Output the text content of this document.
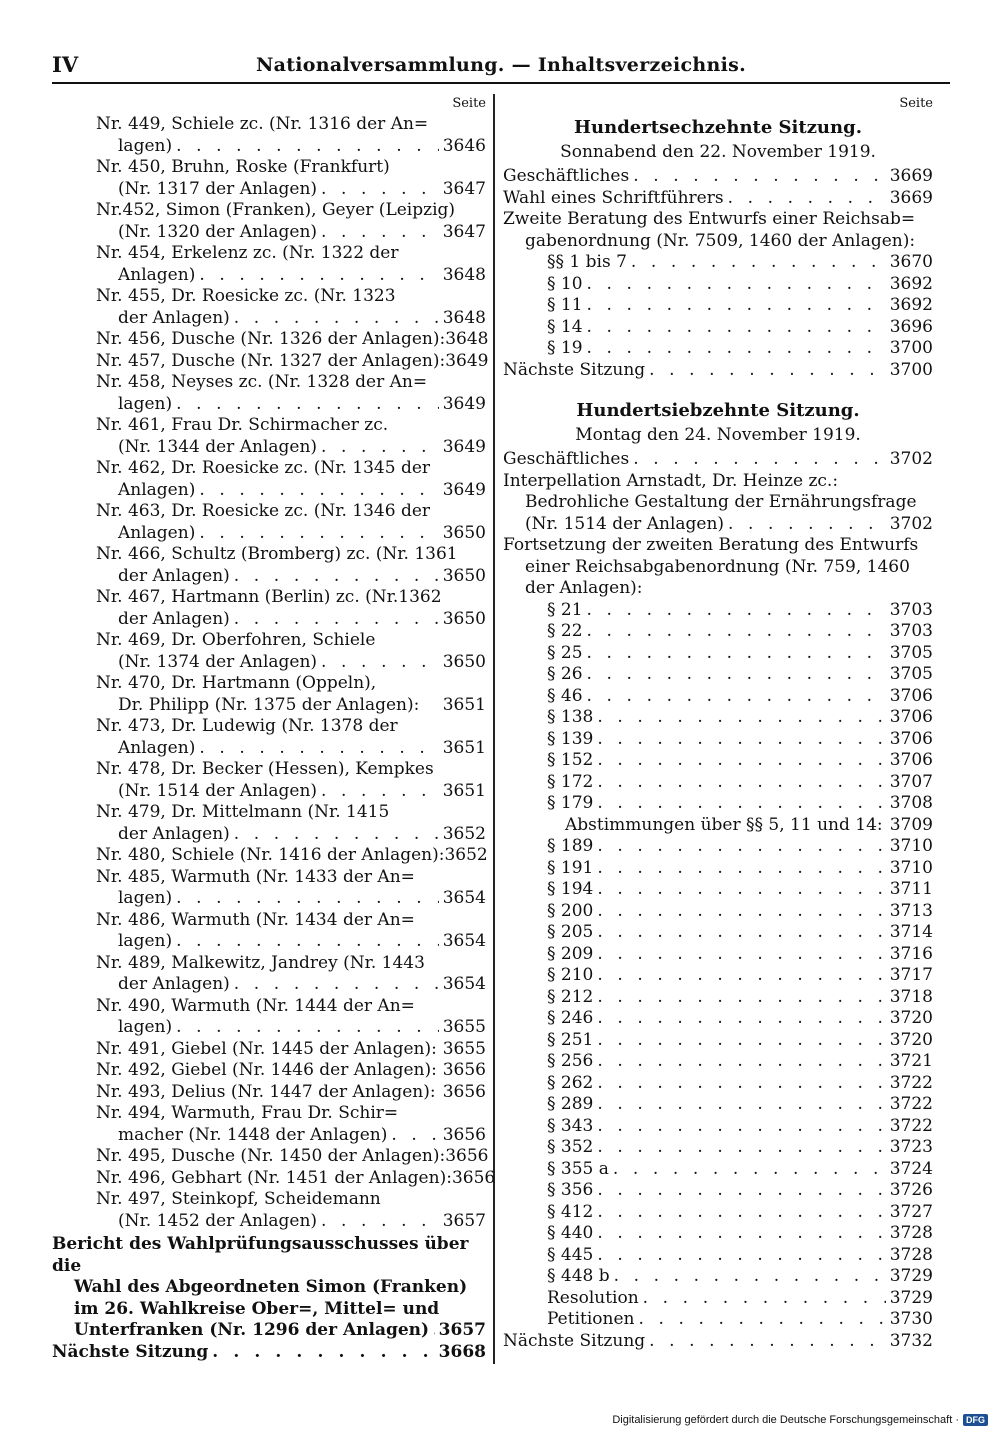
IV	Nationalversammlung. — Inhaltsverzeichnis.
Seite
Nr. 449, Schiele zc. (Nr. 1316 der An=
lagen) . . .	3646
Nr. 450, Bruhn, Roske (Frankfurt)
(Nr. 1317 der Anlagen) . . .	3647
Nr.452, Simon (Franken), Geyer (Leipzig)
(Nr. 1320 der Anlagen) . . .	3647
Nr. 454, Erkelenz zc. (Nr. 1322 der
Anlagen) . . .	3648
Nr. 455, Dr. Roesicke zc. (Nr. 1323
der Anlagen) . . .	3648
Nr. 456, Dusche (Nr. 1326 der Anlagen): 3648
Nr. 457, Dusche (Nr. 1327 der Anlagen): 3649
Nr. 458, Neyses zc. (Nr. 1328 der An=
lagen) . . .	3649
Nr. 461, Frau Dr. Schirmacher zc.
(Nr. 1344 der Anlagen) . . .	3649
Nr. 462, Dr. Roesicke zc. (Nr. 1345 der
Anlagen) . . .	3649
Nr. 463, Dr. Roesicke zc. (Nr. 1346 der
Anlagen) . . .	3650
Nr. 466, Schultz (Bromberg) zc. (Nr. 1361
der Anlagen) . . .	3650
Nr. 467, Hartmann (Berlin) zc. (Nr.1362
der Anlagen) . . .	3650
Nr. 469, Dr. Oberfohren, Schiele
(Nr. 1374 der Anlagen) . . .	3650
Nr. 470, Dr. Hartmann (Oppeln),
Dr. Philipp (Nr. 1375 der Anlagen): 3651
Nr. 473, Dr. Ludewig (Nr. 1378 der
Anlagen) . . .	3651
Nr. 478, Dr. Becker (Hessen), Kempkes
(Nr. 1514 der Anlagen) . . .	3651
Nr. 479, Dr. Mittelmann (Nr. 1415
der Anlagen) . . .	3652
Nr. 480, Schiele (Nr. 1416 der Anlagen): 3652
Nr. 485, Warmuth (Nr. 1433 der An=
lagen) . . .	3654
Nr. 486, Warmuth (Nr. 1434 der An=
lagen) . . .	3654
Nr. 489, Malkewitz, Jandrey (Nr. 1443
der Anlagen) . . .	3654
Nr. 490, Warmuth (Nr. 1444 der An=
lagen) . . .	3655
Nr. 491, Giebel (Nr. 1445 der Anlagen): 3655
Nr. 492, Giebel (Nr. 1446 der Anlagen): 3656
Nr. 493, Delius (Nr. 1447 der Anlagen): 3656
Nr. 494, Warmuth, Frau Dr. Schir=
macher (Nr. 1448 der Anlagen) . . .	3656
Nr. 495, Dusche (Nr. 1450 der Anlagen): 3656
Nr. 496, Gebhart (Nr. 1451 der Anlagen): 3656
Nr. 497, Steinkopf, Scheidemann
(Nr. 1452 der Anlagen) . . .	3657
Bericht des Wahlprüfungsausschusses über die
Wahl des Abgeordneten Simon (Franken)
im 26. Wahlkreise Ober=, Mittel= und
Unterfranken (Nr. 1296 der Anlagen) . . . 3657
Nächste Sitzung . . .	3668
Seite
Hundertsechzehnte Sitzung.
Sonnabend den 22. November 1919.
Geschäftliches . . .	3669
Wahl eines Schriftführers . . .	3669
Zweite Beratung des Entwurfs einer Reichsab=
gabenordnung (Nr. 7509, 1460 der Anlagen):
§§ 1 bis 7 . . .	3670
§ 10 . . .	3692
§ 11 . . .	3692
§ 14 . . .	3696
§ 19 . . .	3700
Nächste Sitzung . . .	3700
Hundertsiebzehnte Sitzung.
Montag den 24. November 1919.
Geschäftliches . . .	3702
Interpellation Arnstadt, Dr. Heinze zc.:
Bedrohliche Gestaltung der Ernährungsfrage
(Nr. 1514 der Anlagen) . . .	3702
Fortsetzung der zweiten Beratung des Entwurfs
einer Reichsabgabenordnung (Nr. 759, 1460
der Anlagen):
§ 21 . . .	3703
§ 22 . . .	3703
§ 25 . . .	3705
§ 26 . . .	3705
§ 46 . . .	3706
§ 138 . . .	3706
§ 139 . . .	3706
§ 152 . . .	3706
§ 172 . . .	3707
§ 179 . . .	3708
Abstimmungen über §§ 5, 11 und 14: 3709
§ 189 . . .	3710
§ 191 . . .	3710
§ 194 . . .	3711
§ 200 . . .	3713
§ 205 . . .	3714
§ 209 . . .	3716
§ 210 . . .	3717
§ 212 . . .	3718
§ 246 . . .	3720
§ 251 . . .	3720
§ 256 . . .	3721
§ 262 . . .	3722
§ 289 . . .	3722
§ 343 . . .	3722
§ 352 . . .	3723
§ 355 a . . .	3724
§ 356 . . .	3726
§ 412 . . .	3727
§ 440 . . .	3728
§ 445 . . .	3728
§ 448 b . . .	3729
Resolution . . .	3729
Petitionen . . .	3730
Nächste Sitzung . . .	3732
Digitalisierung gefördert durch die Deutsche Forschungsgemeinschaft · DFG
